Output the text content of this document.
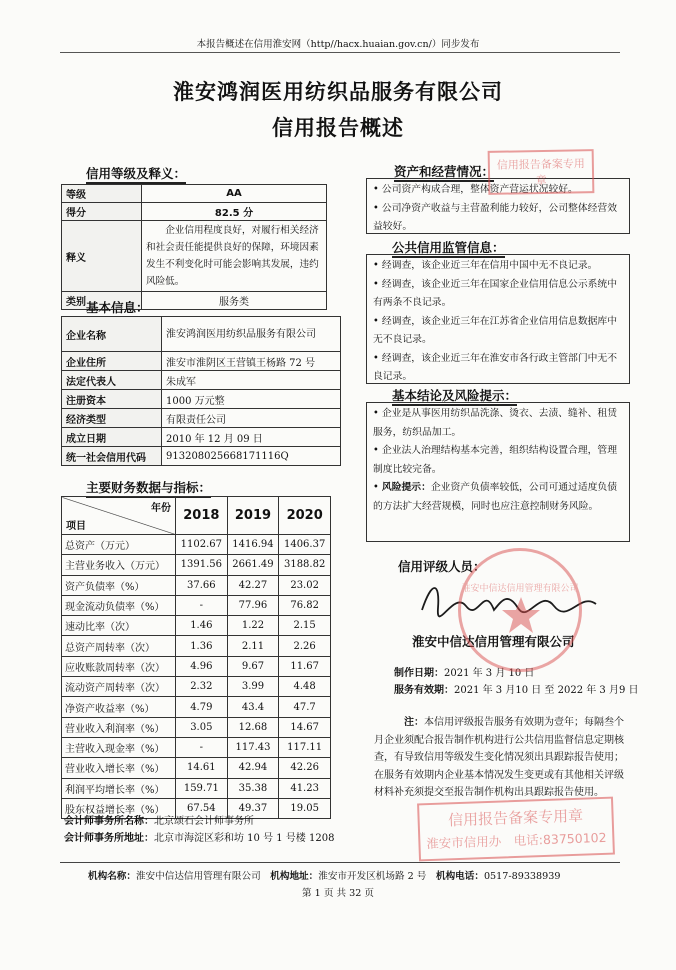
本报告概述在信用淮安网（http//hacx.huaian.gov.cn/）同步发布
淮安鸿润医用纺织品服务有限公司
信用报告概述
信用等级及释义：
等级	AA
得分	82.5 分
释义	企业信用程度良好，对履行相关经济和社会责任能提供良好的保障，环境因素发生不利变化时可能会影响其发展，违约风险低。
类别	服务类
基本信息：
企业名称	淮安鸿润医用纺织品服务有限公司
企业住所	淮安市淮阴区王营镇王杨路 72 号
法定代表人	朱成军
注册资本	1000 万元整
经济类型	有限责任公司
成立日期	2010 年 12 月 09 日
统一社会信用代码	913208025668171116Q
主要财务数据与指标：
年份
项目	2018	2019	2020
总资产（万元）	1102.67	1416.94	1406.37
主营业务收入（万元）	1391.56	2661.49	3188.82
资产负债率（%）	37.66	42.27	23.02
现金流动负债率（%）	-	77.96	76.82
速动比率（次）	1.46	1.22	2.15
总资产周转率（次）	1.36	2.11	2.26
应收账款周转率（次）	4.96	9.67	11.67
流动资产周转率（次）	2.32	3.99	4.48
净资产收益率（%）	4.79	43.4	47.7
营业收入利润率（%）	3.05	12.68	14.67
主营收入现金率（%）	-	117.43	117.11
营业收入增长率（%）	14.61	42.94	42.26
利润平均增长率（%）	159.71	35.38	41.23
股东权益增长率（%）	67.54	49.37	19.05
会计师事务所名称：北京颂石会计师事务所
会计师事务所地址：北京市海淀区彩和坊 10 号 1 号楼 1208
资产和经营情况：
• 公司资产构成合理，整体资产营运状况较好。
• 公司净资产收益与主营盈利能力较好，公司整体经营效益较好。
公共信用监管信息：
• 经调查，该企业近三年在信用中国中无不良记录。
• 经调查，该企业近三年在国家企业信用信息公示系统中有两条不良记录。
• 经调查，该企业近三年在江苏省企业信用信息数据库中无不良记录。
• 经调查，该企业近三年在淮安市各行政主管部门中无不良记录。
基本结论及风险提示：
• 企业是从事医用纺织品洗涤、烫衣、去渍、缝补、租赁服务，纺织品加工。
• 企业法人治理结构基本完善，组织结构设置合理，管理制度比较完备。
• 风险提示：企业资产负债率较低，公司可通过适度负债的方法扩大经营规模，同时也应注意控制财务风险。
信用评级人员：
淮安中信达信用管理有限公司
制作日期：2021 年 3 月 10 日
服务有效期：2021 年 3 月10 日 至 2022 年 3 月9 日
注：本信用评级报告服务有效期为壹年；每隔叁个月企业须配合报告制作机构进行公共信用监督信息定期核查，有导致信用等级发生变化情况须出具跟踪报告使用；在服务有效期内企业基本情况发生变更或有其他相关评级材料补充须提交至报告制作机构出具跟踪报告使用。
信用报告备案专用章
淮安中信达信用管理有限公司
信用报告备案专用章
淮安市信用办　电话:83750102
机构名称：淮安中信达信用管理有限公司　 机构地址：淮安市开发区机场路 2 号　 机构电话：0517-89338939
第 1 页 共 32 页
